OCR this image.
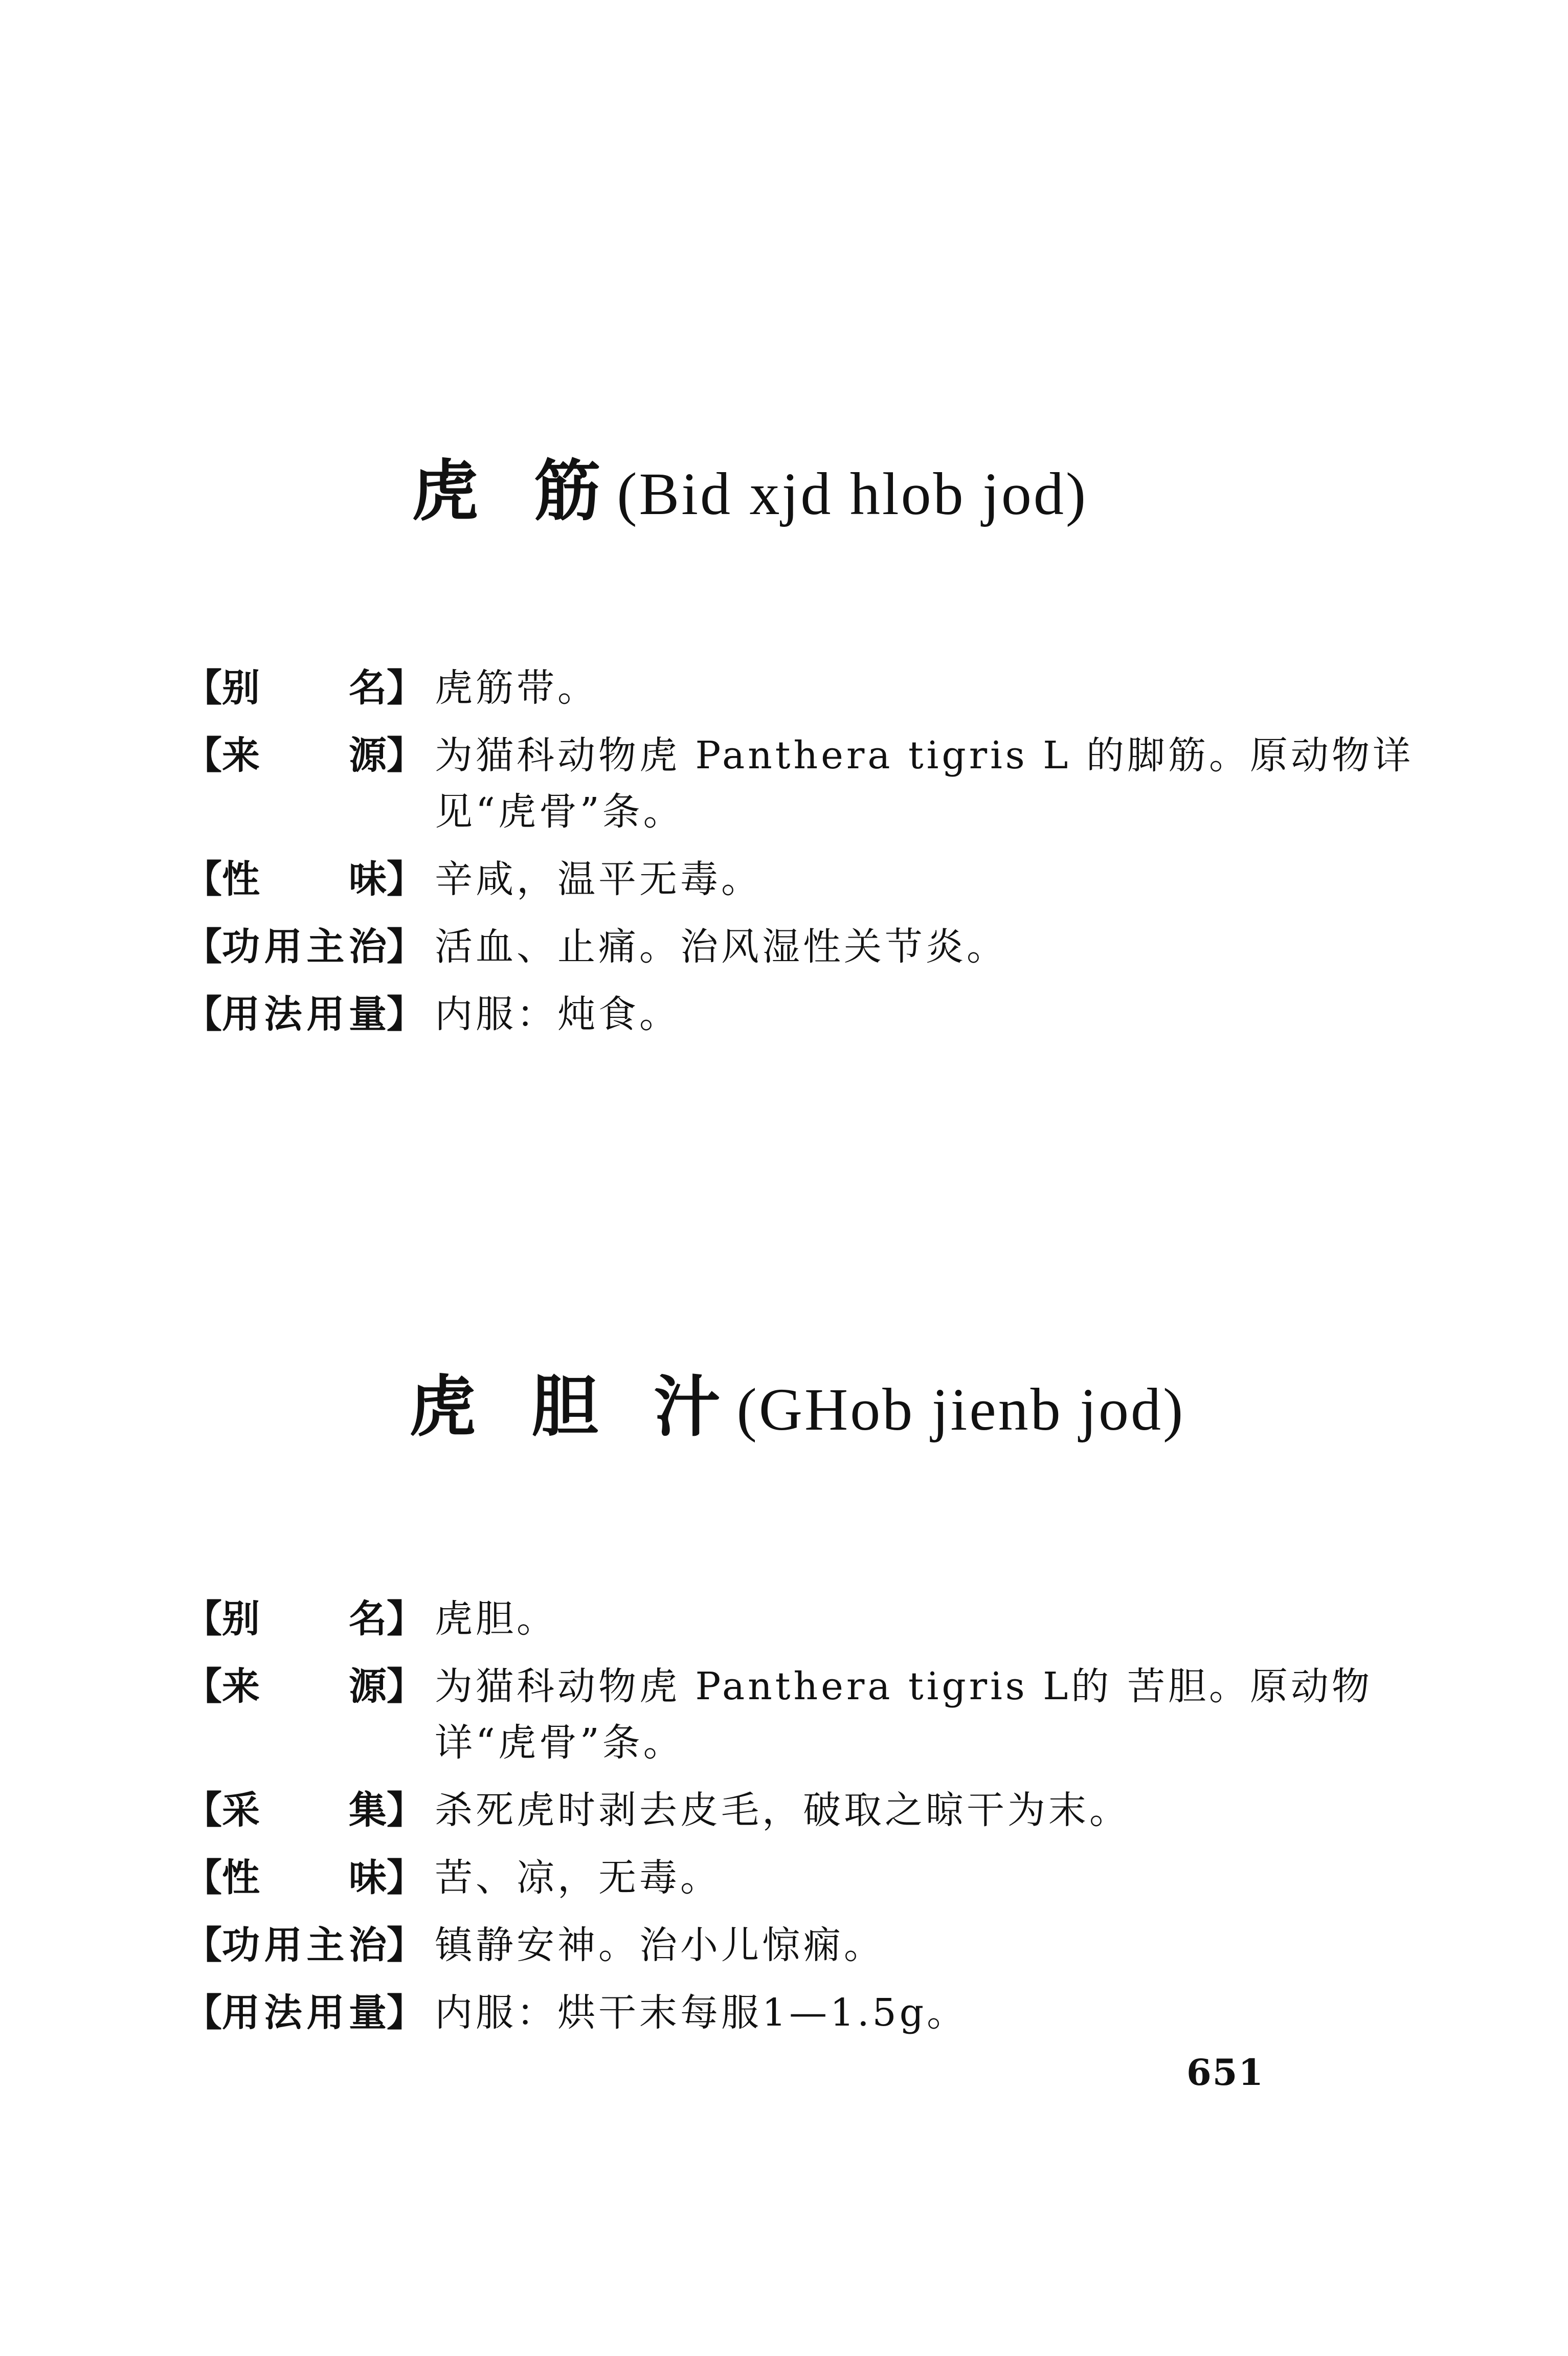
虎 筋(Bid xjd hlob jod)
【 别名 】 虎筋带。
【 来源 】 为猫科动物虎 Panthera tigris L 的脚筋。原动物详见“虎骨”条。
【 性味 】 辛咸，温平无毒。
【 功用主治 】 活血、止痛。治风湿性关节炎。
【 用法用量 】 内服：炖食。
虎 胆 汁(GHob jienb jod)
【 别名 】 虎胆。
【 来源 】 为猫科动物虎 Panthera tigris L的 苦胆。原动物详“虎骨”条。
【 采集 】 杀死虎时剥去皮毛，破取之晾干为末。
【 性味 】 苦、凉，无毒。
【 功用主治 】 镇静安神。治小儿惊痫。
【 用法用量 】 内服：烘干末每服1—1.5g。
651
